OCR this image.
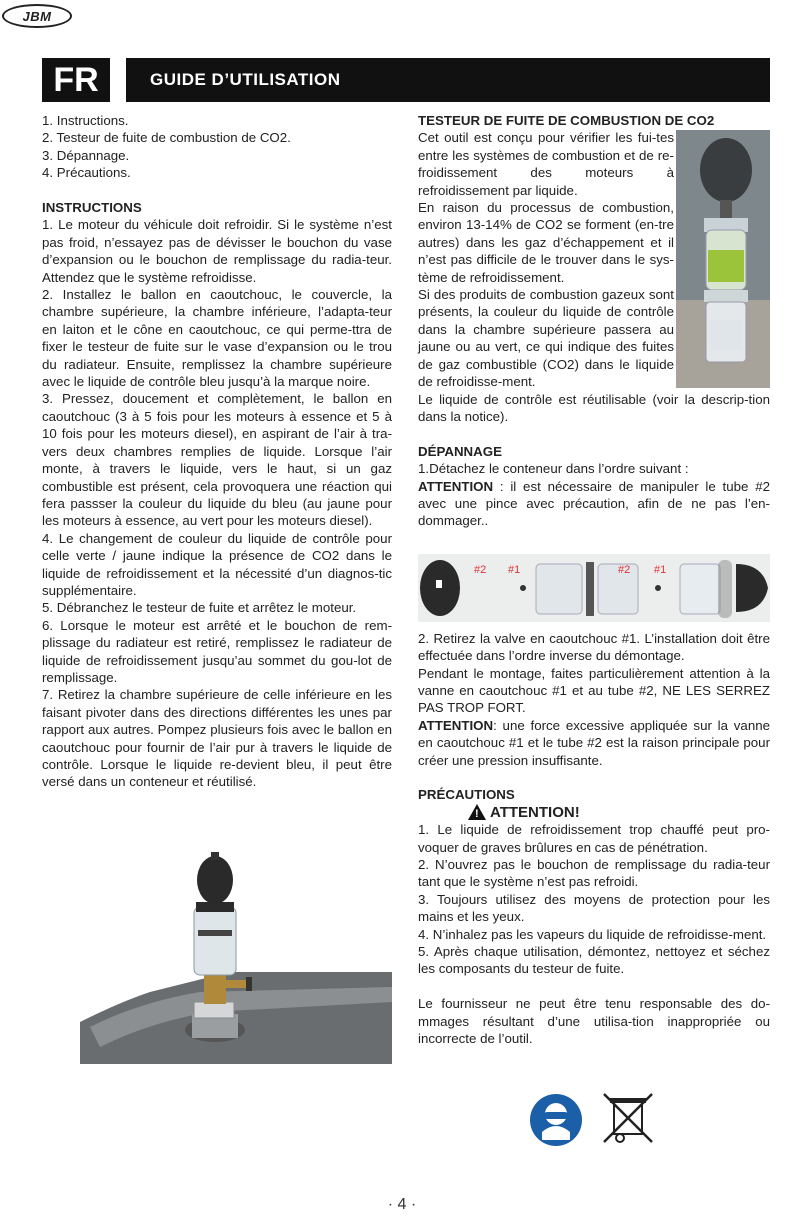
JBM
FR	GUIDE D’UTILISATION

1. Instructions.

2. Testeur de fuite de combustion de CO2.

3. Dépannage.

4. Précautions.

INSTRUCTIONS

1. Le moteur du véhicule doit refroidir. Si le système n’est pas froid, n’essayez pas de dévisser le bouchon du vase d’expansion ou le bouchon de remplissage du radia-teur. Attendez que le système refroidisse.

2. Installez le ballon en caoutchouc, le couvercle, la chambre supérieure, la chambre inférieure, l’adapta-teur en laiton et le cône en caoutchouc, ce qui perme-ttra de fixer le testeur de fuite sur le vase d’expansion ou le trou du radiateur. Ensuite, remplissez la chambre supérieure avec le liquide de contrôle bleu jusqu’à la marque noire.

3. Pressez, doucement et complètement, le ballon en caoutchouc (3 à 5 fois pour les moteurs à essence et 5 à 10 fois pour les moteurs diesel), en aspirant de l’air à tra-vers deux chambres remplies de liquide. Lorsque l’air monte, à travers le liquide, vers le haut, si un gaz combustible est présent, cela provoquera une réaction qui fera passser la couleur du liquide du bleu (au jaune pour les moteurs à essence, au vert pour les moteurs diesel).

4. Le changement de couleur du liquide de contrôle pour celle verte / jaune indique la présence de CO2 dans le liquide de refroidissement et la nécessité d’un diagnos-tic supplémentaire.

5. Débranchez le testeur de fuite et arrêtez le moteur.

6. Lorsque le moteur est arrêté et le bouchon de rem-plissage du radiateur est retiré, remplissez le radiateur de liquide de refroidissement jusqu’au sommet du gou-lot de remplissage.

7. Retirez la chambre supérieure de celle inférieure en les faisant pivoter dans des directions différentes les unes par rapport aux autres. Pompez plusieurs fois avec le ballon en caoutchouc pour fournir de l’air pur à travers le liquide de contrôle. Lorsque le liquide re-devient bleu, il peut être versé dans un conteneur et réutilisé.

TESTEUR DE FUITE DE COMBUSTION DE CO2

Cet outil est conçu pour vérifier les fui-tes entre les systèmes de combustion et de re-froidissement des moteurs à refroidissement par liquide.

En raison du processus de combustion, environ 13-14% de CO2 se forment (en-tre autres) dans les gaz d’échappement et il n’est pas difficile de le trouver dans le sys-tème de refroidissement.

Si des produits de combustion gazeux sont présents, la couleur du liquide de contrôle dans la chambre supérieure passera au jaune ou au vert, ce qui indique des fuites de gaz combustible (CO2) dans le liquide de refroidisse-ment.

Le liquide de contrôle est réutilisable (voir la descrip-tion dans la notice).

DÉPANNAGE

1.Détachez le conteneur dans l’ordre suivant :

ATTENTION : il est nécessaire de manipuler le tube #2 avec une pince avec précaution, afin de ne pas l’en-dommager..

2. Retirez la valve en caoutchouc #1. L’installation doit être effectuée dans l’ordre inverse du démontage.

Pendant le montage, faites particulièrement attention à la vanne en caoutchouc #1 et au tube #2, NE LES SERREZ PAS TROP FORT.

ATTENTION: une force excessive appliquée sur la vanne en caoutchouc #1 et le tube #2 est la raison principale pour créer une pression insuffisante.

PRÉCAUTIONS

!
ATTENTION!

1. Le liquide de refroidissement trop chauffé peut pro-voquer de graves brûlures en cas de pénétration.

2. N’ouvrez pas le bouchon de remplissage du radia-teur tant que le système n’est pas refroidi.

3. Toujours utilisez des moyens de protection pour les mains et les yeux.

4. N’inhalez pas les vapeurs du liquide de refroidisse-ment.

5. Après chaque utilisation, démontez, nettoyez et séchez les composants du testeur de fuite.

Le fournisseur ne peut être tenu responsable des do-mmages résultant d’une utilisa-tion inappropriée ou incorrecte de l’outil.

#2 #1	#2 #1
· 4 ·
